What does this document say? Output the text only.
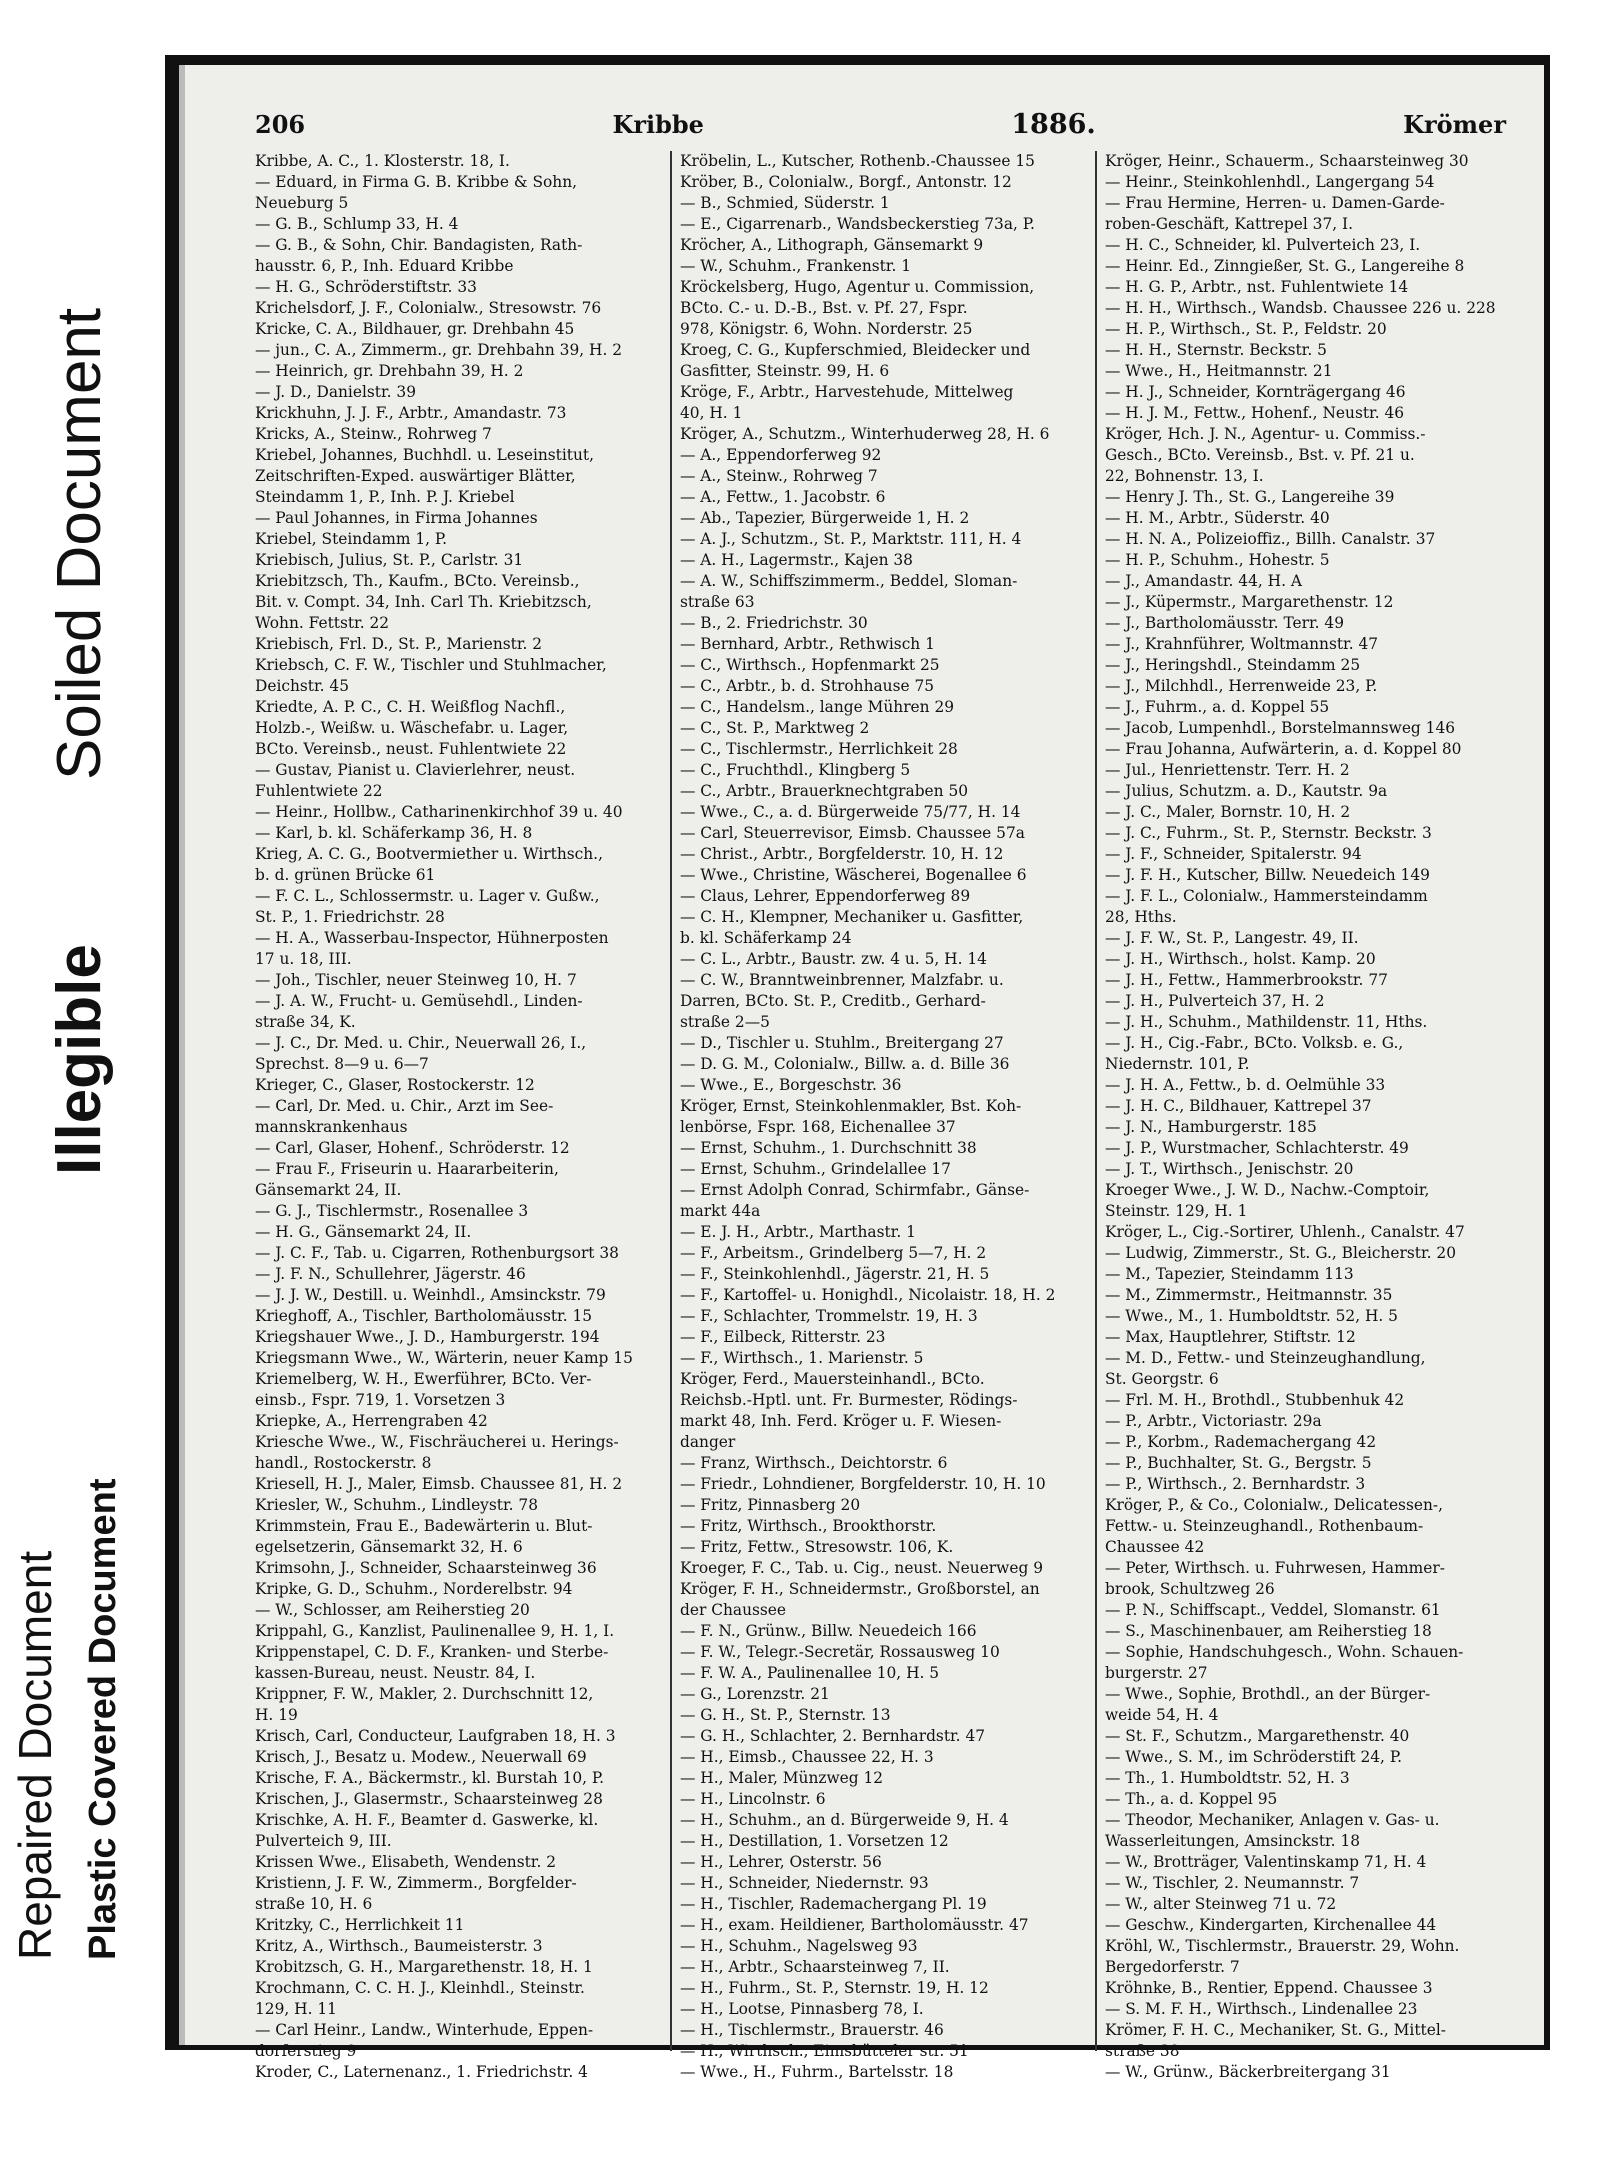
Soiled Document
Illegible
Repaired Document Plastic Covered Document
206	Kribbe	1886.	Krömer

Kribbe, A. C., 1. Klosterstr. 18, I.

— Eduard, in Firma G. B. Kribbe & Sohn,

Neueburg 5

— G. B., Schlump 33, H. 4

— G. B., & Sohn, Chir. Bandagisten, Rath-

hausstr. 6, P., Inh. Eduard Kribbe

— H. G., Schröderstiftstr. 33

Krichelsdorf, J. F., Colonialw., Stresowstr. 76

Kricke, C. A., Bildhauer, gr. Drehbahn 45

— jun., C. A., Zimmerm., gr. Drehbahn 39, H. 2

— Heinrich, gr. Drehbahn 39, H. 2

— J. D., Danielstr. 39

Krickhuhn, J. J. F., Arbtr., Amandastr. 73

Kricks, A., Steinw., Rohrweg 7

Kriebel, Johannes, Buchhdl. u. Leseinstitut,

Zeitschriften-Exped. auswärtiger Blätter,

Steindamm 1, P., Inh. P. J. Kriebel

— Paul Johannes, in Firma Johannes

Kriebel, Steindamm 1, P.

Kriebisch, Julius, St. P., Carlstr. 31

Kriebitzsch, Th., Kaufm., BCto. Vereinsb.,

Bit. v. Compt. 34, Inh. Carl Th. Kriebitzsch,

Wohn. Fettstr. 22

Kriebisch, Frl. D., St. P., Marienstr. 2

Kriebsch, C. F. W., Tischler und Stuhlmacher,

Deichstr. 45

Kriedte, A. P. C., C. H. Weißflog Nachfl.,

Holzb.-, Weißw. u. Wäschefabr. u. Lager,

BCto. Vereinsb., neust. Fuhlentwiete 22

— Gustav, Pianist u. Clavierlehrer, neust.

Fuhlentwiete 22

— Heinr., Hollbw., Catharinenkirchhof 39 u. 40

— Karl, b. kl. Schäferkamp 36, H. 8

Krieg, A. C. G., Bootvermiether u. Wirthsch.,

b. d. grünen Brücke 61

— F. C. L., Schlossermstr. u. Lager v. Gußw.,

St. P., 1. Friedrichstr. 28

— H. A., Wasserbau-Inspector, Hühnerposten

17 u. 18, III.

— Joh., Tischler, neuer Steinweg 10, H. 7

— J. A. W., Frucht- u. Gemüsehdl., Linden-

straße 34, K.

— J. C., Dr. Med. u. Chir., Neuerwall 26, I.,

Sprechst. 8—9 u. 6—7

Krieger, C., Glaser, Rostockerstr. 12

— Carl, Dr. Med. u. Chir., Arzt im See-

mannskrankenhaus

— Carl, Glaser, Hohenf., Schröderstr. 12

— Frau F., Friseurin u. Haararbeiterin,

Gänsemarkt 24, II.

— G. J., Tischlermstr., Rosenallee 3

— H. G., Gänsemarkt 24, II.

— J. C. F., Tab. u. Cigarren, Rothenburgsort 38

— J. F. N., Schullehrer, Jägerstr. 46

— J. J. W., Destill. u. Weinhdl., Amsinckstr. 79

Krieghoff, A., Tischler, Bartholomäusstr. 15

Kriegshauer Wwe., J. D., Hamburgerstr. 194

Kriegsmann Wwe., W., Wärterin, neuer Kamp 15

Kriemelberg, W. H., Ewerführer, BCto. Ver-

einsb., Fspr. 719, 1. Vorsetzen 3

Kriepke, A., Herrengraben 42

Kriesche Wwe., W., Fischräucherei u. Herings-

handl., Rostockerstr. 8

Kriesell, H. J., Maler, Eimsb. Chaussee 81, H. 2

Kriesler, W., Schuhm., Lindleystr. 78

Krimmstein, Frau E., Badewärterin u. Blut-

egelsetzerin, Gänsemarkt 32, H. 6

Krimsohn, J., Schneider, Schaarsteinweg 36

Kripke, G. D., Schuhm., Norderelbstr. 94

— W., Schlosser, am Reiherstieg 20

Krippahl, G., Kanzlist, Paulinenallee 9, H. 1, I.

Krippenstapel, C. D. F., Kranken- und Sterbe-

kassen-Bureau, neust. Neustr. 84, I.

Krippner, F. W., Makler, 2. Durchschnitt 12,

H. 19

Krisch, Carl, Conducteur, Laufgraben 18, H. 3

Krisch, J., Besatz u. Modew., Neuerwall 69

Krische, F. A., Bäckermstr., kl. Burstah 10, P.

Krischen, J., Glasermstr., Schaarsteinweg 28

Krischke, A. H. F., Beamter d. Gaswerke, kl.

Pulverteich 9, III.

Krissen Wwe., Elisabeth, Wendenstr. 2

Kristienn, J. F. W., Zimmerm., Borgfelder-

straße 10, H. 6

Kritzky, C., Herrlichkeit 11

Kritz, A., Wirthsch., Baumeisterstr. 3

Krobitzsch, G. H., Margarethenstr. 18, H. 1

Krochmann, C. C. H. J., Kleinhdl., Steinstr.

129, H. 11

— Carl Heinr., Landw., Winterhude, Eppen-

dorferstieg 9

Kroder, C., Laternenanz., 1. Friedrichstr. 4

Kröbelin, L., Kutscher, Rothenb.-Chaussee 15

Kröber, B., Colonialw., Borgf., Antonstr. 12

— B., Schmied, Süderstr. 1

— E., Cigarrenarb., Wandsbeckerstieg 73a, P.

Kröcher, A., Lithograph, Gänsemarkt 9

— W., Schuhm., Frankenstr. 1

Kröckelsberg, Hugo, Agentur u. Commission,

BCto. C.- u. D.-B., Bst. v. Pf. 27, Fspr.

978, Königstr. 6, Wohn. Norderstr. 25

Kroeg, C. G., Kupferschmied, Bleidecker und

Gasfitter, Steinstr. 99, H. 6

Kröge, F., Arbtr., Harvestehude, Mittelweg

40, H. 1

Kröger, A., Schutzm., Winterhuderweg 28, H. 6

— A., Eppendorferweg 92

— A., Steinw., Rohrweg 7

— A., Fettw., 1. Jacobstr. 6

— Ab., Tapezier, Bürgerweide 1, H. 2

— A. J., Schutzm., St. P., Marktstr. 111, H. 4

— A. H., Lagermstr., Kajen 38

— A. W., Schiffszimmerm., Beddel, Sloman-

straße 63

— B., 2. Friedrichstr. 30

— Bernhard, Arbtr., Rethwisch 1

— C., Wirthsch., Hopfenmarkt 25

— C., Arbtr., b. d. Strohhause 75

— C., Handelsm., lange Mühren 29

— C., St. P., Marktweg 2

— C., Tischlermstr., Herrlichkeit 28

— C., Fruchthdl., Klingberg 5

— C., Arbtr., Brauerknechtgraben 50

— Wwe., C., a. d. Bürgerweide 75/77, H. 14

— Carl, Steuerrevisor, Eimsb. Chaussee 57a

— Christ., Arbtr., Borgfelderstr. 10, H. 12

— Wwe., Christine, Wäscherei, Bogenallee 6

— Claus, Lehrer, Eppendorferweg 89

— C. H., Klempner, Mechaniker u. Gasfitter,

b. kl. Schäferkamp 24

— C. L., Arbtr., Baustr. zw. 4 u. 5, H. 14

— C. W., Branntweinbrenner, Malzfabr. u.

Darren, BCto. St. P., Creditb., Gerhard-

straße 2—5

— D., Tischler u. Stuhlm., Breitergang 27

— D. G. M., Colonialw., Billw. a. d. Bille 36

— Wwe., E., Borgeschstr. 36

Kröger, Ernst, Steinkohlenmakler, Bst. Koh-

lenbörse, Fspr. 168, Eichenallee 37

— Ernst, Schuhm., 1. Durchschnitt 38

— Ernst, Schuhm., Grindelallee 17

— Ernst Adolph Conrad, Schirmfabr., Gänse-

markt 44a

— E. J. H., Arbtr., Marthastr. 1

— F., Arbeitsm., Grindelberg 5—7, H. 2

— F., Steinkohlenhdl., Jägerstr. 21, H. 5

— F., Kartoffel- u. Honighdl., Nicolaistr. 18, H. 2

— F., Schlachter, Trommelstr. 19, H. 3

— F., Eilbeck, Ritterstr. 23

— F., Wirthsch., 1. Marienstr. 5

Kröger, Ferd., Mauersteinhandl., BCto.

Reichsb.-Hptl. unt. Fr. Burmester, Rödings-

markt 48, Inh. Ferd. Kröger u. F. Wiesen-

danger

— Franz, Wirthsch., Deichtorstr. 6

— Friedr., Lohndiener, Borgfelderstr. 10, H. 10

— Fritz, Pinnasberg 20

— Fritz, Wirthsch., Brookthorstr.

— Fritz, Fettw., Stresowstr. 106, K.

Kroeger, F. C., Tab. u. Cig., neust. Neuerweg 9

Kröger, F. H., Schneidermstr., Großborstel, an

der Chaussee

— F. N., Grünw., Billw. Neuedeich 166

— F. W., Telegr.-Secretär, Rossausweg 10

— F. W. A., Paulinenallee 10, H. 5

— G., Lorenzstr. 21

— G. H., St. P., Sternstr. 13

— G. H., Schlachter, 2. Bernhardstr. 47

— H., Eimsb., Chaussee 22, H. 3

— H., Maler, Münzweg 12

— H., Lincolnstr. 6

— H., Schuhm., an d. Bürgerweide 9, H. 4

— H., Destillation, 1. Vorsetzen 12

— H., Lehrer, Osterstr. 56

— H., Schneider, Niedernstr. 93

— H., Tischler, Rademachergang Pl. 19

— H., exam. Heildiener, Bartholomäusstr. 47

— H., Schuhm., Nagelsweg 93

— H., Arbtr., Schaarsteinweg 7, II.

— H., Fuhrm., St. P., Sternstr. 19, H. 12

— H., Lootse, Pinnasberg 78, I.

— H., Tischlermstr., Brauerstr. 46

— H., Wirthsch., Eimsbütteler str. 51

— Wwe., H., Fuhrm., Bartelsstr. 18

Kröger, Heinr., Schauerm., Schaarsteinweg 30

— Heinr., Steinkohlenhdl., Langergang 54

— Frau Hermine, Herren- u. Damen-Garde-

roben-Geschäft, Kattrepel 37, I.

— H. C., Schneider, kl. Pulverteich 23, I.

— Heinr. Ed., Zinngießer, St. G., Langereihe 8

— H. G. P., Arbtr., nst. Fuhlentwiete 14

— H. H., Wirthsch., Wandsb. Chaussee 226 u. 228

— H. P., Wirthsch., St. P., Feldstr. 20

— H. H., Sternstr. Beckstr. 5

— Wwe., H., Heitmannstr. 21

— H. J., Schneider, Kornträgergang 46

— H. J. M., Fettw., Hohenf., Neustr. 46

Kröger, Hch. J. N., Agentur- u. Commiss.-

Gesch., BCto. Vereinsb., Bst. v. Pf. 21 u.

22, Bohnenstr. 13, I.

— Henry J. Th., St. G., Langereihe 39

— H. M., Arbtr., Süderstr. 40

— H. N. A., Polizeioffiz., Billh. Canalstr. 37

— H. P., Schuhm., Hohestr. 5

— J., Amandastr. 44, H. A

— J., Küpermstr., Margarethenstr. 12

— J., Bartholomäusstr. Terr. 49

— J., Krahnführer, Woltmannstr. 47

— J., Heringshdl., Steindamm 25

— J., Milchhdl., Herrenweide 23, P.

— J., Fuhrm., a. d. Koppel 55

— Jacob, Lumpenhdl., Borstelmannsweg 146

— Frau Johanna, Aufwärterin, a. d. Koppel 80

— Jul., Henriettenstr. Terr. H. 2

— Julius, Schutzm. a. D., Kautstr. 9a

— J. C., Maler, Bornstr. 10, H. 2

— J. C., Fuhrm., St. P., Sternstr. Beckstr. 3

— J. F., Schneider, Spitalerstr. 94

— J. F. H., Kutscher, Billw. Neuedeich 149

— J. F. L., Colonialw., Hammersteindamm

28, Hths.

— J. F. W., St. P., Langestr. 49, II.

— J. H., Wirthsch., holst. Kamp. 20

— J. H., Fettw., Hammerbrookstr. 77

— J. H., Pulverteich 37, H. 2

— J. H., Schuhm., Mathildenstr. 11, Hths.

— J. H., Cig.-Fabr., BCto. Volksb. e. G.,

Niedernstr. 101, P.

— J. H. A., Fettw., b. d. Oelmühle 33

— J. H. C., Bildhauer, Kattrepel 37

— J. N., Hamburgerstr. 185

— J. P., Wurstmacher, Schlachterstr. 49

— J. T., Wirthsch., Jenischstr. 20

Kroeger Wwe., J. W. D., Nachw.-Comptoir,

Steinstr. 129, H. 1

Kröger, L., Cig.-Sortirer, Uhlenh., Canalstr. 47

— Ludwig, Zimmerstr., St. G., Bleicherstr. 20

— M., Tapezier, Steindamm 113

— M., Zimmermstr., Heitmannstr. 35

— Wwe., M., 1. Humboldtstr. 52, H. 5

— Max, Hauptlehrer, Stiftstr. 12

— M. D., Fettw.- und Steinzeughandlung,

St. Georgstr. 6

— Frl. M. H., Brothdl., Stubbenhuk 42

— P., Arbtr., Victoriastr. 29a

— P., Korbm., Rademachergang 42

— P., Buchhalter, St. G., Bergstr. 5

— P., Wirthsch., 2. Bernhardstr. 3

Kröger, P., & Co., Colonialw., Delicatessen-,

Fettw.- u. Steinzeughandl., Rothenbaum-

Chaussee 42

— Peter, Wirthsch. u. Fuhrwesen, Hammer-

brook, Schultzweg 26

— P. N., Schiffscapt., Veddel, Slomanstr. 61

— S., Maschinenbauer, am Reiherstieg 18

— Sophie, Handschuhgesch., Wohn. Schauen-

burgerstr. 27

— Wwe., Sophie, Brothdl., an der Bürger-

weide 54, H. 4

— St. F., Schutzm., Margarethenstr. 40

— Wwe., S. M., im Schröderstift 24, P.

— Th., 1. Humboldtstr. 52, H. 3

— Th., a. d. Koppel 95

— Theodor, Mechaniker, Anlagen v. Gas- u.

Wasserleitungen, Amsinckstr. 18

— W., Brotträger, Valentinskamp 71, H. 4

— W., Tischler, 2. Neumannstr. 7

— W., alter Steinweg 71 u. 72

— Geschw., Kindergarten, Kirchenallee 44

Kröhl, W., Tischlermstr., Brauerstr. 29, Wohn.

Bergedorferstr. 7

Kröhnke, B., Rentier, Eppend. Chaussee 3

— S. M. F. H., Wirthsch., Lindenallee 23

Krömer, F. H. C., Mechaniker, St. G., Mittel-

straße 38

— W., Grünw., Bäckerbreitergang 31
